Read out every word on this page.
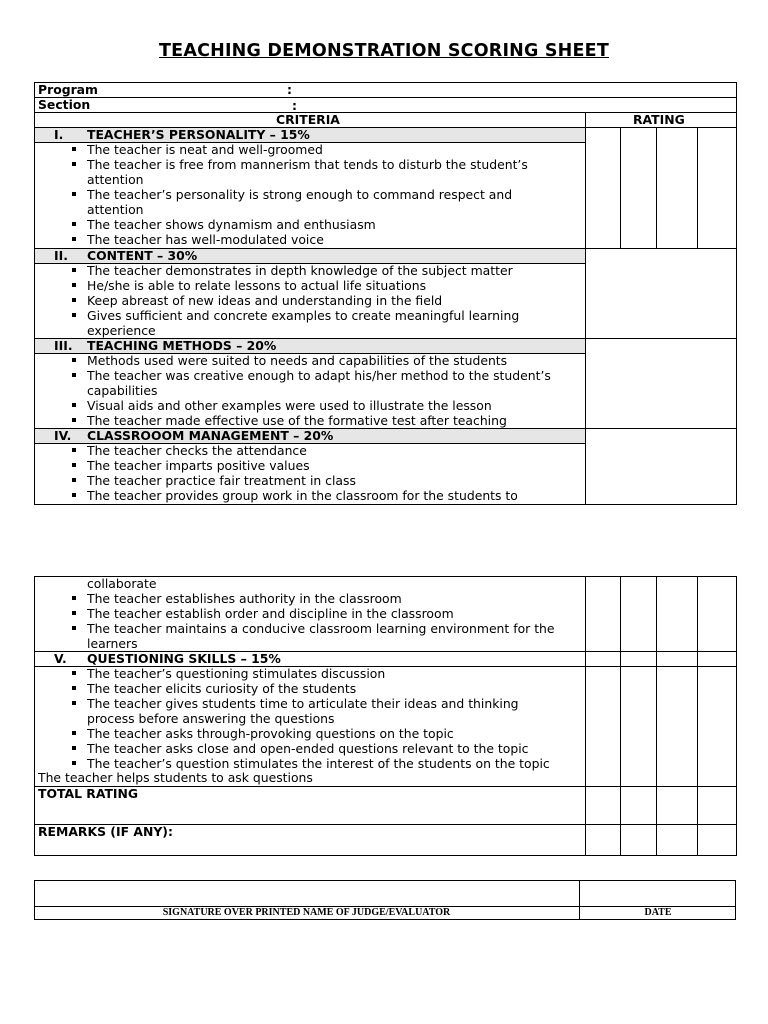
TEACHING DEMONSTRATION SCORING SHEET
Program	:
Section	:
CRITERIA	RATING
I. TEACHER’S PERSONALITY – 15%
The teacher is neat and well-groomed
The teacher is free from mannerism that tends to disturb the student’s
attention
The teacher’s personality is strong enough to command respect and
attention
The teacher shows dynamism and enthusiasm
The teacher has well-modulated voice
II. CONTENT – 30%
The teacher demonstrates in depth knowledge of the subject matter
He/she is able to relate lessons to actual life situations
Keep abreast of new ideas and understanding in the field
Gives sufficient and concrete examples to create meaningful learning
experience
III. TEACHING METHODS – 20%
Methods used were suited to needs and capabilities of the students
The teacher was creative enough to adapt his/her method to the student’s
capabilities
Visual aids and other examples were used to illustrate the lesson
The teacher made effective use of the formative test after teaching
IV. CLASSROOOM MANAGEMENT – 20%
The teacher checks the attendance
The teacher imparts positive values
The teacher practice fair treatment in class
The teacher provides group work in the classroom for the students to
collaborate
The teacher establishes authority in the classroom
The teacher establish order and discipline in the classroom
The teacher maintains a conducive classroom learning environment for the
learners
V. QUESTIONING SKILLS – 15%
The teacher’s questioning stimulates discussion
The teacher elicits curiosity of the students
The teacher gives students time to articulate their ideas and thinking
process before answering the questions
The teacher asks through-provoking questions on the topic
The teacher asks close and open-ended questions relevant to the topic
The teacher’s question stimulates the interest of the students on the topic
The teacher helps students to ask questions
TOTAL RATING
REMARKS (IF ANY):
SIGNATURE OVER PRINTED NAME OF JUDGE/EVALUATOR	DATE
